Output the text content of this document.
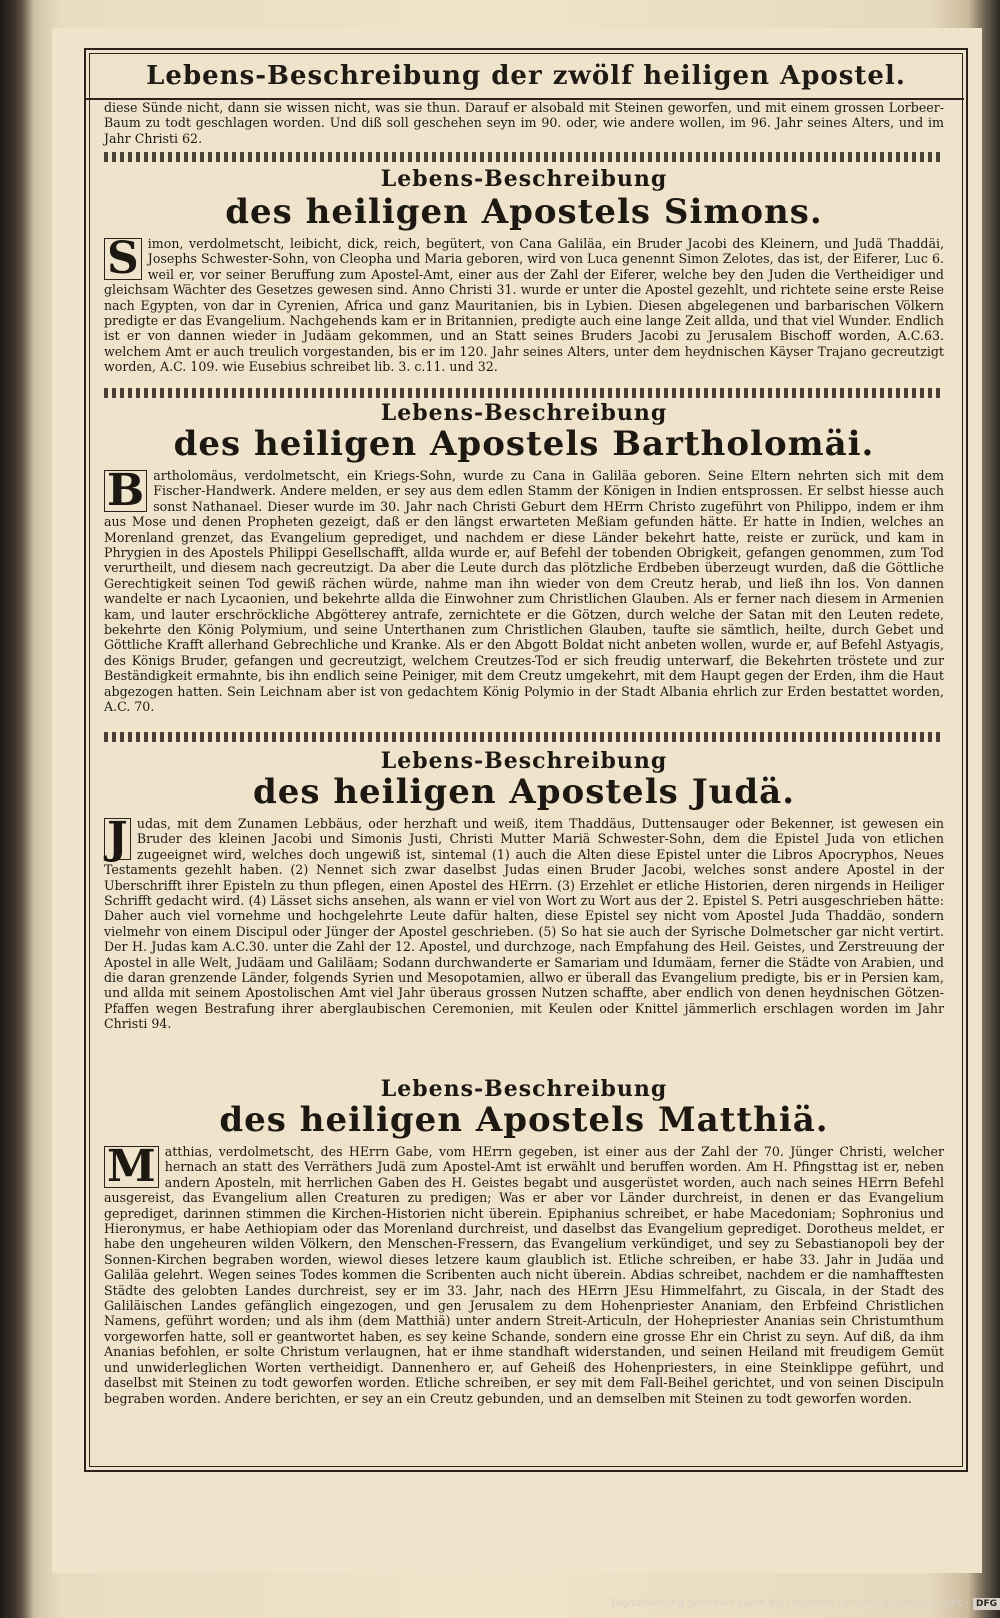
Lebens-Beschreibung der zwölf heiligen Apostel.

diese Sünde nicht, dann sie wissen nicht, was sie thun. Darauf er alsobald mit Steinen geworfen, und mit einem grossen Lorbeer-Baum zu todt geschlagen worden. Und diß soll geschehen seyn im 90. oder, wie andere wollen, im 96. Jahr seines Alters, und im Jahr Christi 62.

Lebens-Beschreibung
des heiligen Apostels Simons.

S imon, verdolmetscht, leibicht, dick, reich, begütert, von Cana Galiläa, ein Bruder Jacobi des Kleinern, und Judä Thaddäi, Josephs Schwester-Sohn, von Cleopha und Maria geboren, wird von Luca genennt Simon Zelotes, das ist, der Eiferer, Luc 6. weil er, vor seiner Beruffung zum Apostel-Amt, einer aus der Zahl der Eiferer, welche bey den Juden die Vertheidiger und gleichsam Wächter des Gesetzes gewesen sind. Anno Christi 31. wurde er unter die Apostel gezehlt, und richtete seine erste Reise nach Egypten, von dar in Cyrenien, Africa und ganz Mauritanien, bis in Lybien. Diesen abgelegenen und barbarischen Völkern predigte er das Evangelium. Nachgehends kam er in Britannien, predigte auch eine lange Zeit allda, und that viel Wunder. Endlich ist er von dannen wieder in Judäam gekommen, und an Statt seines Bruders Jacobi zu Jerusalem Bischoff worden, A.C.63. welchem Amt er auch treulich vorgestanden, bis er im 120. Jahr seines Alters, unter dem heydnischen Käyser Trajano gecreutzigt worden, A.C. 109. wie Eusebius schreibet lib. 3. c.11. und 32.

Lebens-Beschreibung
des heiligen Apostels Bartholomäi.

B artholomäus, verdolmetscht, ein Kriegs-Sohn, wurde zu Cana in Galiläa geboren. Seine Eltern nehrten sich mit dem Fischer-Handwerk. Andere melden, er sey aus dem edlen Stamm der Königen in Indien entsprossen. Er selbst hiesse auch sonst Nathanael. Dieser wurde im 30. Jahr nach Christi Geburt dem HErrn Christo zugeführt von Philippo, indem er ihm aus Mose und denen Propheten gezeigt, daß er den längst erwarteten Meßiam gefunden hätte. Er hatte in Indien, welches an Morenland grenzet, das Evangelium geprediget, und nachdem er diese Länder bekehrt hatte, reiste er zurück, und kam in Phrygien in des Apostels Philippi Gesellschafft, allda wurde er, auf Befehl der tobenden Obrigkeit, gefangen genommen, zum Tod verurtheilt, und diesem nach gecreutzigt. Da aber die Leute durch das plötzliche Erdbeben überzeugt wurden, daß die Göttliche Gerechtigkeit seinen Tod gewiß rächen würde, nahme man ihn wieder von dem Creutz herab, und ließ ihn los. Von dannen wandelte er nach Lycaonien, und bekehrte allda die Einwohner zum Christlichen Glauben. Als er ferner nach diesem in Armenien kam, und lauter erschröckliche Abgötterey antrafe, zernichtete er die Götzen, durch welche der Satan mit den Leuten redete, bekehrte den König Polymium, und seine Unterthanen zum Christlichen Glauben, taufte sie sämtlich, heilte, durch Gebet und Göttliche Krafft allerhand Gebrechliche und Kranke. Als er den Abgott Boldat nicht anbeten wollen, wurde er, auf Befehl Astyagis, des Königs Bruder, gefangen und gecreutzigt, welchem Creutzes-Tod er sich freudig unterwarf, die Bekehrten tröstete und zur Beständigkeit ermahnte, bis ihn endlich seine Peiniger, mit dem Creutz umgekehrt, mit dem Haupt gegen der Erden, ihm die Haut abgezogen hatten. Sein Leichnam aber ist von gedachtem König Polymio in der Stadt Albania ehrlich zur Erden bestattet worden, A.C. 70.

Lebens-Beschreibung
des heiligen Apostels Judä.

J udas, mit dem Zunamen Lebbäus, oder herzhaft und weiß, item Thaddäus, Duttensauger oder Bekenner, ist gewesen ein Bruder des kleinen Jacobi und Simonis Justi, Christi Mutter Mariä Schwester-Sohn, dem die Epistel Juda von etlichen zugeeignet wird, welches doch ungewiß ist, sintemal (1) auch die Alten diese Epistel unter die Libros Apocryphos, Neues Testaments gezehlt haben. (2) Nennet sich zwar daselbst Judas einen Bruder Jacobi, welches sonst andere Apostel in der Uberschrifft ihrer Episteln zu thun pflegen, einen Apostel des HErrn. (3) Erzehlet er etliche Historien, deren nirgends in Heiliger Schrifft gedacht wird. (4) Lässet sichs ansehen, als wann er viel von Wort zu Wort aus der 2. Epistel S. Petri ausgeschrieben hätte: Daher auch viel vornehme und hochgelehrte Leute dafür halten, diese Epistel sey nicht vom Apostel Juda Thaddäo, sondern vielmehr von einem Discipul oder Jünger der Apostel geschrieben. (5) So hat sie auch der Syrische Dolmetscher gar nicht vertirt. Der H. Judas kam A.C.30. unter die Zahl der 12. Apostel, und durchzoge, nach Empfahung des Heil. Geistes, und Zerstreuung der Apostel in alle Welt, Judäam und Galiläam; Sodann durchwanderte er Samariam und Idumäam, ferner die Städte von Arabien, und die daran grenzende Länder, folgends Syrien und Mesopotamien, allwo er überall das Evangelium predigte, bis er in Persien kam, und allda mit seinem Apostolischen Amt viel Jahr überaus grossen Nutzen schaffte, aber endlich von denen heydnischen Götzen-Pfaffen wegen Bestrafung ihrer aberglaubischen Ceremonien, mit Keulen oder Knittel jämmerlich erschlagen worden im Jahr Christi 94.

Lebens-Beschreibung
des heiligen Apostels Matthiä.

M atthias, verdolmetscht, des HErrn Gabe, vom HErrn gegeben, ist einer aus der Zahl der 70. Jünger Christi, welcher hernach an statt des Verräthers Judä zum Apostel-Amt ist erwählt und beruffen worden. Am H. Pfingsttag ist er, neben andern Aposteln, mit herrlichen Gaben des H. Geistes begabt und ausgerüstet worden, auch nach seines HErrn Befehl ausgereist, das Evangelium allen Creaturen zu predigen; Was er aber vor Länder durchreist, in denen er das Evangelium geprediget, darinnen stimmen die Kirchen-Historien nicht überein. Epiphanius schreibet, er habe Macedoniam; Sophronius und Hieronymus, er habe Aethiopiam oder das Morenland durchreist, und daselbst das Evangelium geprediget. Dorotheus meldet, er habe den ungeheuren wilden Völkern, den Menschen-Fressern, das Evangelium verkündiget, und sey zu Sebastianopoli bey der Sonnen-Kirchen begraben worden, wiewol dieses letzere kaum glaublich ist. Etliche schreiben, er habe 33. Jahr in Judäa und Galiläa gelehrt. Wegen seines Todes kommen die Scribenten auch nicht überein. Abdias schreibet, nachdem er die namhafftesten Städte des gelobten Landes durchreist, sey er im 33. Jahr, nach des HErrn JEsu Himmelfahrt, zu Giscala, in der Stadt des Galiläischen Landes gefänglich eingezogen, und gen Jerusalem zu dem Hohenpriester Ananiam, den Erbfeind Christlichen Namens, geführt worden; und als ihm (dem Matthiä) unter andern Streit-Articuln, der Hohepriester Ananias sein Christumthum vorgeworfen hatte, soll er geantwortet haben, es sey keine Schande, sondern eine grosse Ehr ein Christ zu seyn. Auf diß, da ihm Ananias befohlen, er solte Christum verlaugnen, hat er ihme standhaft widerstanden, und seinen Heiland mit freudigem Gemüt und unwiderleglichen Worten vertheidigt. Dannenhero er, auf Geheiß des Hohenpriesters, in eine Steinklippe geführt, und daselbst mit Steinen zu todt geworfen worden. Etliche schreiben, er sey mit dem Fall-Beihel gerichtet, und von seinen Discipuln begraben worden. Andere berichten, er sey an ein Creutz gebunden, und an demselben mit Steinen zu todt geworfen worden.

Digitalisierung gefördert durch die Deutsche Forschungsgemeinschaft - DFG
